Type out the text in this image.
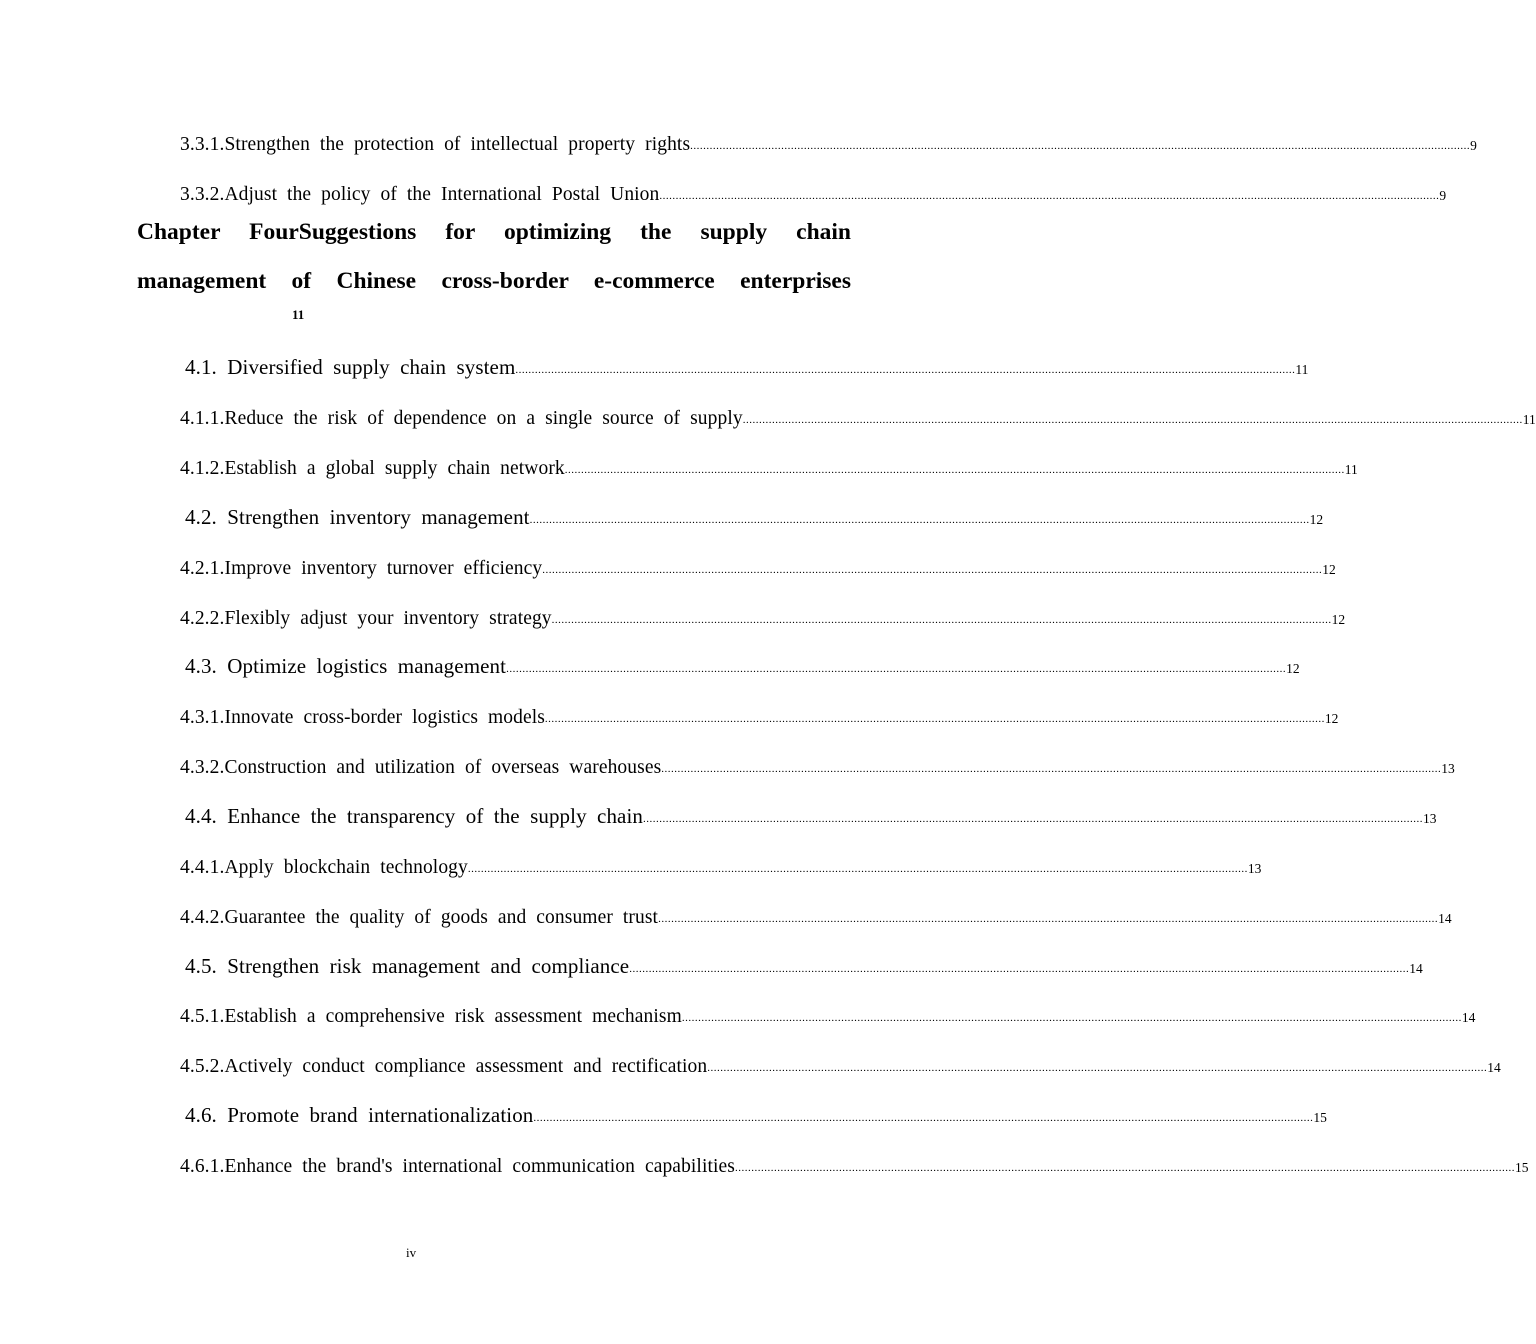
3.3.1.Strengthen the protection of intellectual property rights ................................................................................................................................................................................................................................................ 9
3.3.2.Adjust the policy of the International Postal Union ................................................................................................................................................................................................................................................ 9
Chapter FourSuggestions for optimizing the supply chain
management of Chinese cross-border e-commerce enterprises
11
4.1. Diversified supply chain system ................................................................................................................................................................................................................................................ 11
4.1.1.Reduce the risk of dependence on a single source of supply ................................................................................................................................................................................................................................................ 11
4.1.2.Establish a global supply chain network ................................................................................................................................................................................................................................................ 11
4.2. Strengthen inventory management ................................................................................................................................................................................................................................................ 12
4.2.1.Improve inventory turnover efficiency ................................................................................................................................................................................................................................................ 12
4.2.2.Flexibly adjust your inventory strategy ................................................................................................................................................................................................................................................ 12
4.3. Optimize logistics management ................................................................................................................................................................................................................................................ 12
4.3.1.Innovate cross-border logistics models ................................................................................................................................................................................................................................................ 12
4.3.2.Construction and utilization of overseas warehouses ................................................................................................................................................................................................................................................ 13
4.4. Enhance the transparency of the supply chain ................................................................................................................................................................................................................................................ 13
4.4.1.Apply blockchain technology ................................................................................................................................................................................................................................................ 13
4.4.2.Guarantee the quality of goods and consumer trust ................................................................................................................................................................................................................................................ 14
4.5. Strengthen risk management and compliance ................................................................................................................................................................................................................................................ 14
4.5.1.Establish a comprehensive risk assessment mechanism ................................................................................................................................................................................................................................................ 14
4.5.2.Actively conduct compliance assessment and rectification ................................................................................................................................................................................................................................................ 14
4.6. Promote brand internationalization ................................................................................................................................................................................................................................................ 15
4.6.1.Enhance the brand's international communication capabilities ................................................................................................................................................................................................................................................ 15
iv
